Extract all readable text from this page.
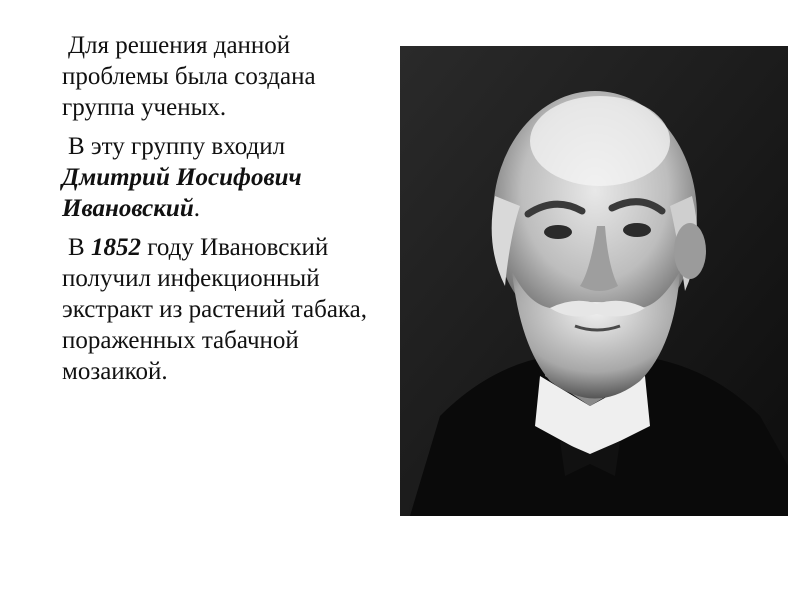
Для решения данной проблемы была создана группа ученых.

В эту группу входил Дмитрий Иосифович Ивановский.

В 1852 году Ивановский получил инфекционный экстракт из растений табака, пораженных табачной мозаикой.
